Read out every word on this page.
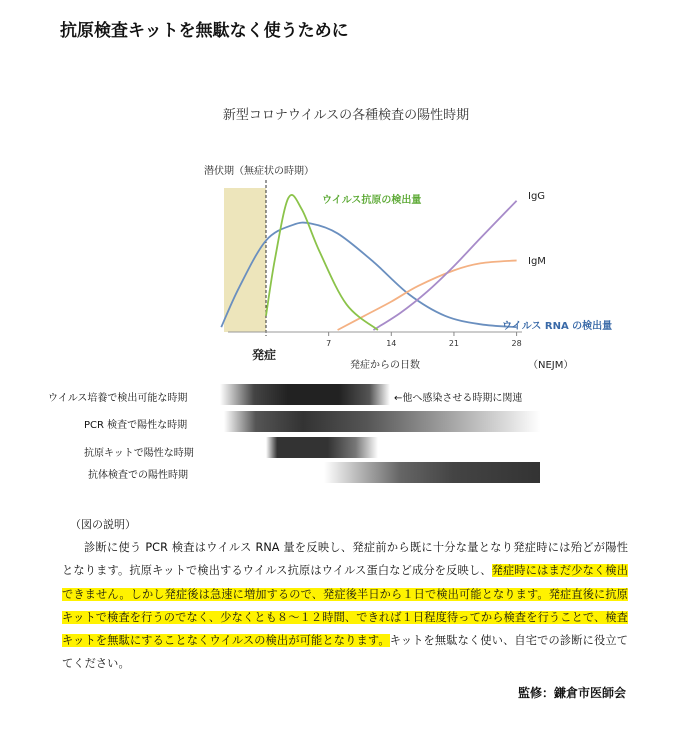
抗原検査キットを無駄なく使うために
新型コロナウイルスの各種検査の陽性時期
7	14	21	28
潜伏期（無症状の時期）
ウイルス抗原の検出量	IgG
IgM
ウイルス RNA の検出量
発症
発症からの日数	（NEJM）
ウイルス培養で検出可能な時期	←他へ感染させる時期に関連
PCR 検査で陽性な時期
抗原キットで陽性な時期
抗体検査での陽性時期
（図の説明）
診断に使う PCR 検査はウイルス RNA 量を反映し、発症前から既に十分な量となり発症時には殆どが陽性となります。抗原キットで検出するウイルス抗原はウイルス蛋白など成分を反映し、発症時にはまだ少なく検出できません。しかし発症後は急速に増加するので、発症後半日から１日で検出可能となります。発症直後に抗原キットで検査を行うのでなく、少なくとも８～１２時間、できれば１日程度待ってから検査を行うことで、検査キットを無駄にすることなくウイルスの検出が可能となります。キットを無駄なく使い、自宅での診断に役立ててください。
監修：鎌倉市医師会
